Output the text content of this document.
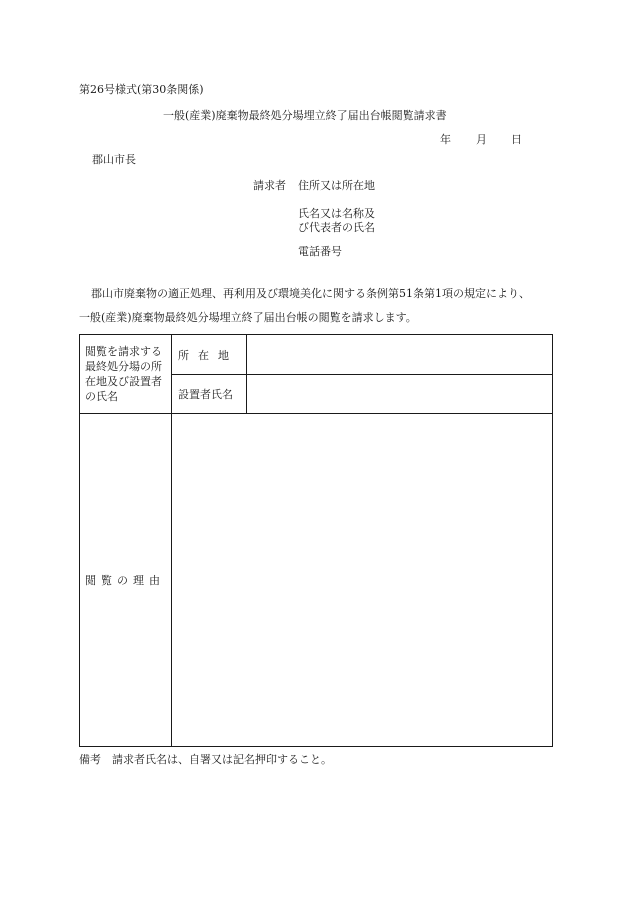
第26号様式(第30条関係)
一般(産業)廃棄物最終処分場埋立終了届出台帳閲覧請求書
年 月 日
郡山市長
請求者 住所又は所在地
氏名又は名称及
び代表者の氏名
電話番号
郡山市廃棄物の適正処理、再利用及び環境美化に関する条例第51条第1項の規定により、
一般(産業)廃棄物最終処分場埋立終了届出台帳の閲覧を請求します。
閲覧を請求する最終処分場の所在地及び設置者の氏名
所在地
設置者氏名
閲覧の理由
備考　請求者氏名は、自署又は記名押印すること。
